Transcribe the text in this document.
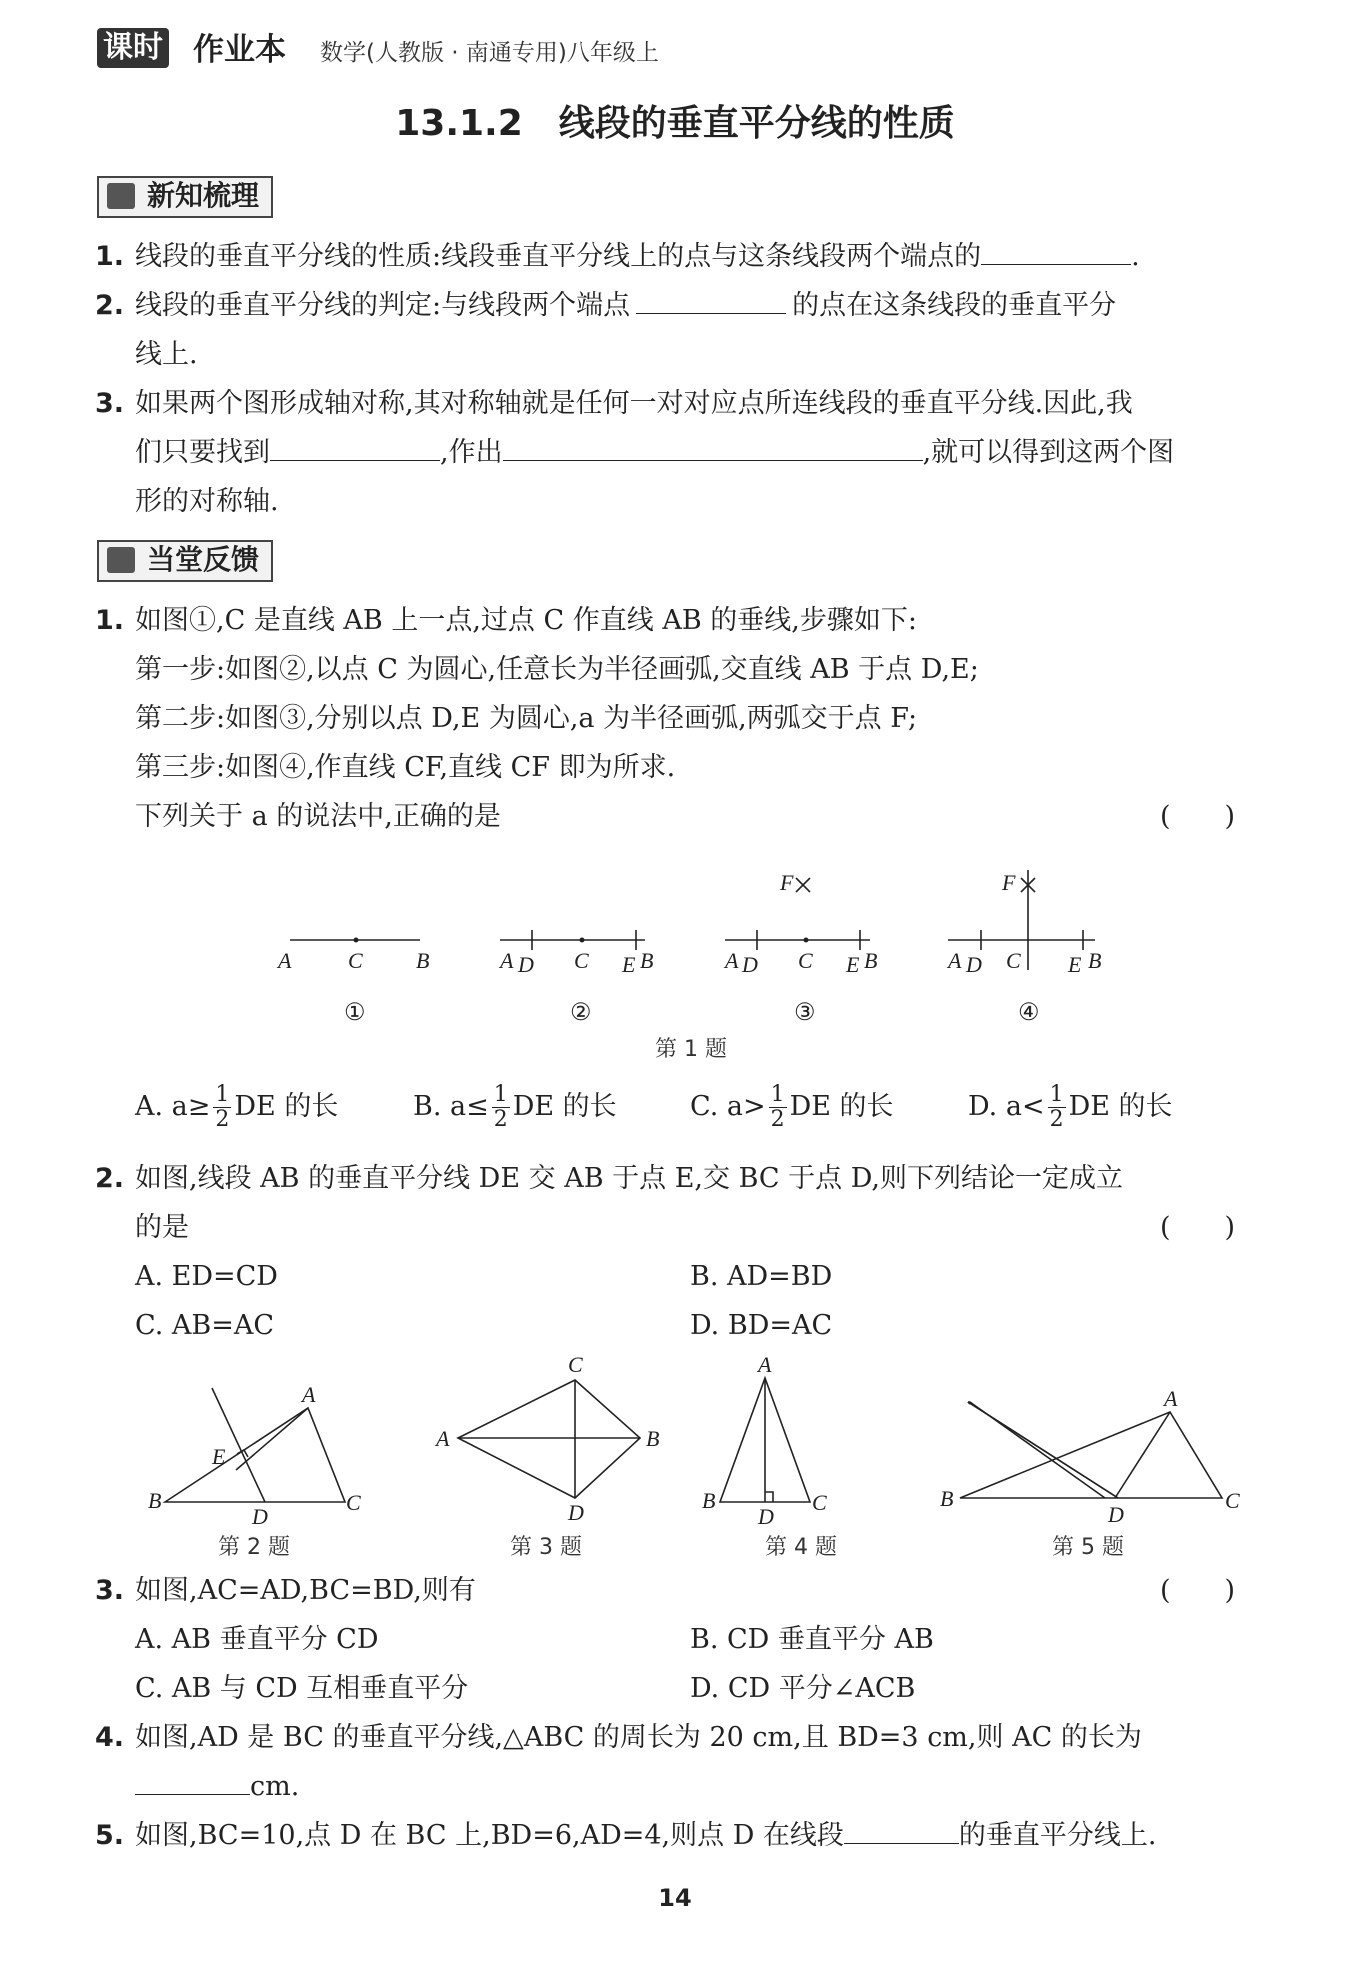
课时 作业本 数学(人教版 · 南通专用)八年级上
13.1.2　线段的垂直平分线的性质
新知梳理
1. 线段的垂直平分线的性质:线段垂直平分线上的点与这条线段两个端点的	.
2. 线段的垂直平分线的判定:与线段两个端点	的点在这条线段的垂直平分
线上.
3. 如果两个图形成轴对称,其对称轴就是任何一对对应点所连线段的垂直平分线.因此,我
们只要找到	,作出	,就可以得到这两个图
形的对称轴.
当堂反馈
1. 如图①,C 是直线 AB 上一点,过点 C 作直线 AB 的垂线,步骤如下:
第一步:如图②,以点 C 为圆心,任意长为半径画弧,交直线 AB 于点 D,E;
第二步:如图③,分别以点 D,E 为圆心,a 为半径画弧,两弧交于点 F;
第三步:如图④,作直线 CF,直线 CF 即为所求.
下列关于 a 的说法中,正确的是	(　　)
A	C B	A D C E B	A D C E B
F
A D C E B
F
①	②	③	④
第 1 题
A. $a\ge \frac{1}{2}$ DE 的长	B. $a\le \frac{1}{2}$ DE 的长	C. $a> \frac{1}{2}$ DE 的长	D. $a< \frac{1}{2}$ DE 的长
2. 如图,线段 AB 的垂直平分线 DE 交 AB 于点 E,交 BC 于点 D,则下列结论一定成立
的是	(　　)
A. ED=CD	B. AD=BD
C. AB=AC	D. BD=AC
B
A
C
E
D
A
C
B
D
A
B	C
D
B
A
C
D
第 2 题	第 3 题	第 4 题	第 5 题
3. 如图,AC=AD,BC=BD,则有	(　　)
A. AB 垂直平分 CD	B. CD 垂直平分 AB
C. AB 与 CD 互相垂直平分	D. CD 平分∠ACB
4. 如图,AD 是 BC 的垂直平分线,△ABC 的周长为 20 cm,且 BD=3 cm,则 AC 的长为
cm.
5. 如图,BC=10,点 D 在 BC 上,BD=6,AD=4,则点 D 在线段	的垂直平分线上.
14
